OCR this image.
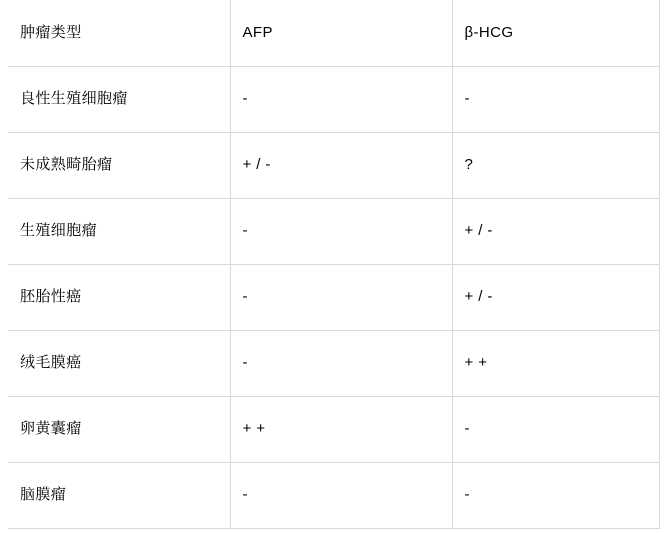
肿瘤类型	AFP	β-HCG
良性生殖细胞瘤	-	-
未成熟畸胎瘤	+ / -	?
生殖细胞瘤	-	+ / -
胚胎性癌	-	+ / -
绒毛膜癌	-	+ +
卵黄囊瘤	+ +	-
脑膜瘤	-	-
